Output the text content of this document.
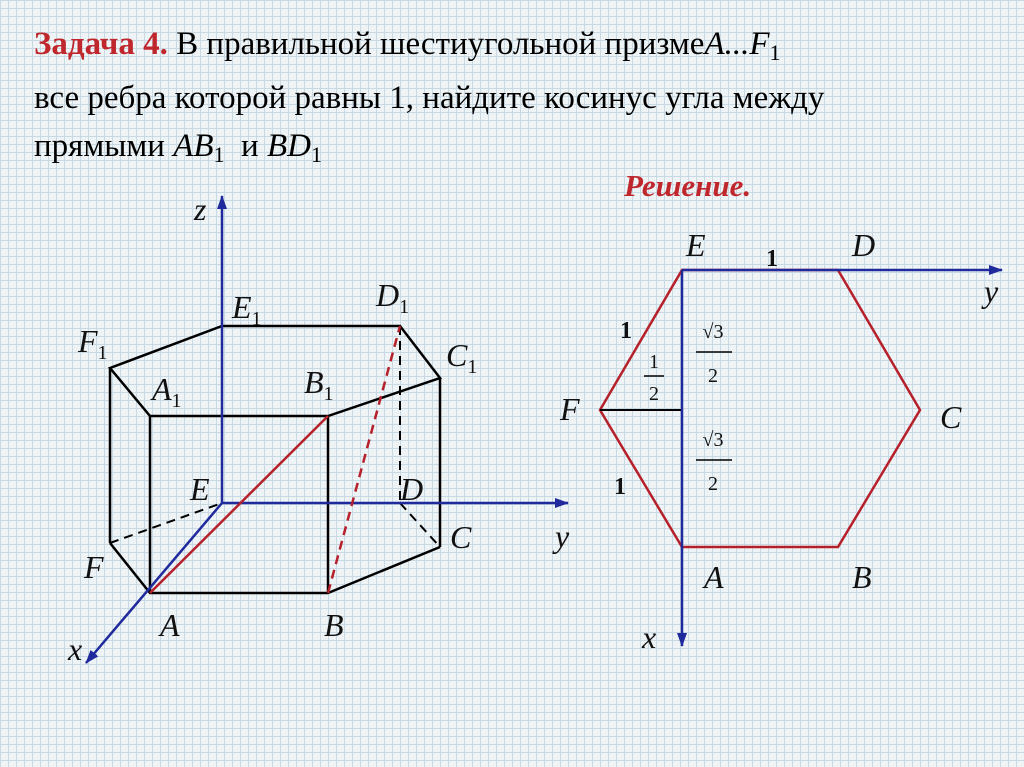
Задача 4. В правильной шестиугольной $призмеA...F_1$
все ребра которой равны 1, найдите косинус угла между
прямыми $AB_1$ и $BD_1$
Решение.
z
y
x
$E_1$
$D_1$
$F_1$	$C_1$
$A_1$
$B_1$
E	D
C
F
A	B
E	D
F	C
A	B
y
x
1
1
1
1
2
√3
2
√3
2
